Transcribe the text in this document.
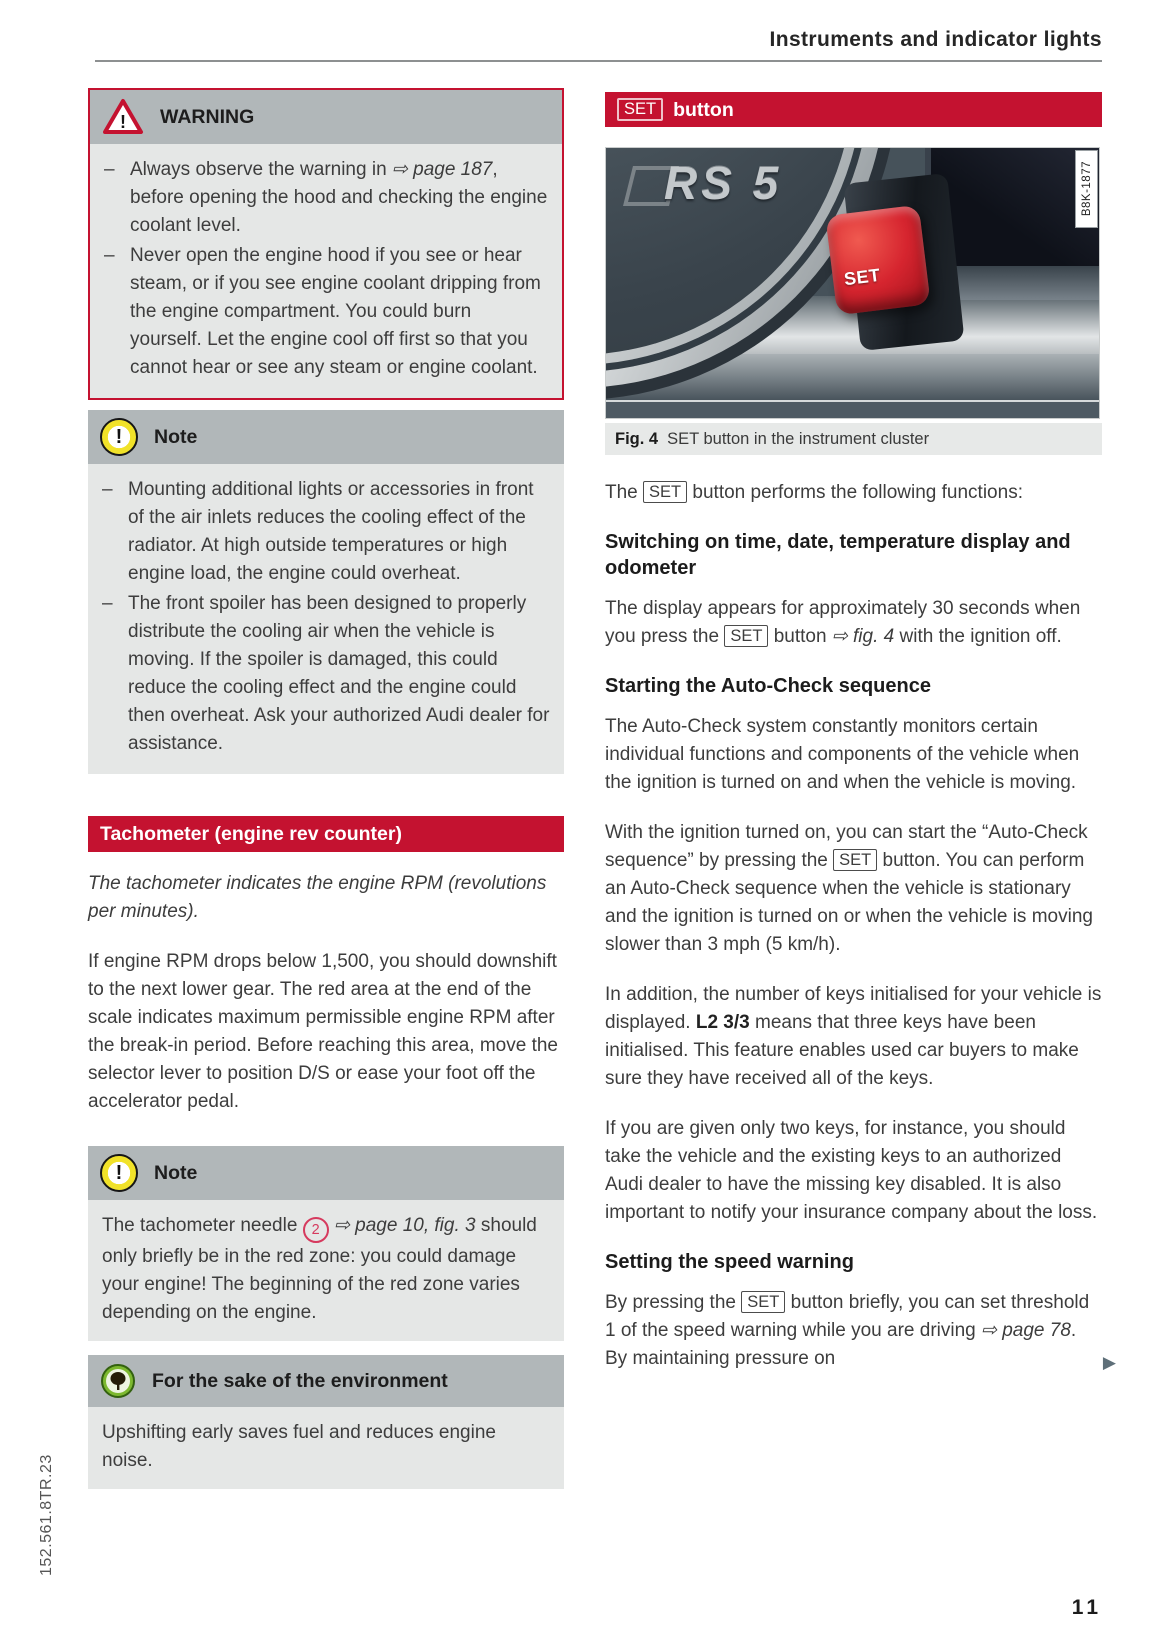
Instruments and indicator lights
! WARNING
– Always observe the warning in ⇨ page 187, before opening the hood and checking the engine coolant level.
– Never open the engine hood if you see or hear steam, or if you see engine coolant dripping from the engine compartment. You could burn yourself. Let the engine cool off first so that you cannot hear or see any steam or engine coolant.
! Note
– Mounting additional lights or accessories in front of the air inlets reduces the cooling effect of the radiator. At high outside temperatures or high engine load, the engine could overheat.
– The front spoiler has been designed to properly distribute the cooling air when the vehicle is moving. If the spoiler is damaged, this could reduce the cooling effect and the engine could then overheat. Ask your authorized Audi dealer for assistance.
Tachometer (engine rev counter)

The tachometer indicates the engine RPM (revolutions per minutes).

If engine RPM drops below 1,500, you should downshift to the next lower gear. The red area at the end of the scale indicates maximum permissible engine RPM after the break-in period. Before reaching this area, move the selector lever to position D/S or ease your foot off the accelerator pedal.

! Note
The tachometer needle 2 ⇨ page 10, fig. 3 should only briefly be in the red zone: you could damage your engine! The beginning of the red zone varies depending on the engine.
For the sake of the environment
Upshifting early saves fuel and reduces engine noise.
SET button
RS 5
SET
B8K-1877
Fig. 4 SET button in the instrument cluster

The SET button performs the following functions:

Switching on time, date, temperature display and odometer

The display appears for approximately 30 seconds when you press the SET button ⇨ fig. 4 with the ignition off.

Starting the Auto-Check sequence

The Auto-Check system constantly monitors certain individual functions and components of the vehicle when the ignition is turned on and when the vehicle is moving.

With the ignition turned on, you can start the “Auto-Check sequence” by pressing the SET button. You can perform an Auto-Check sequence when the vehicle is stationary and the ignition is turned on or when the vehicle is moving slower than 3 mph (5 km/h).

In addition, the number of keys initialised for your vehicle is displayed. L2 3/3 means that three keys have been initialised. This feature enables used car buyers to make sure they have received all of the keys.

If you are given only two keys, for instance, you should take the vehicle and the existing keys to an authorized Audi dealer to have the missing key disabled. It is also important to notify your insurance company about the loss.

Setting the speed warning

By pressing the SET button briefly, you can set threshold 1 of the speed warning while you are driving ⇨ page 78. By maintaining pressure on	▶

152.561.8TR.23
11
